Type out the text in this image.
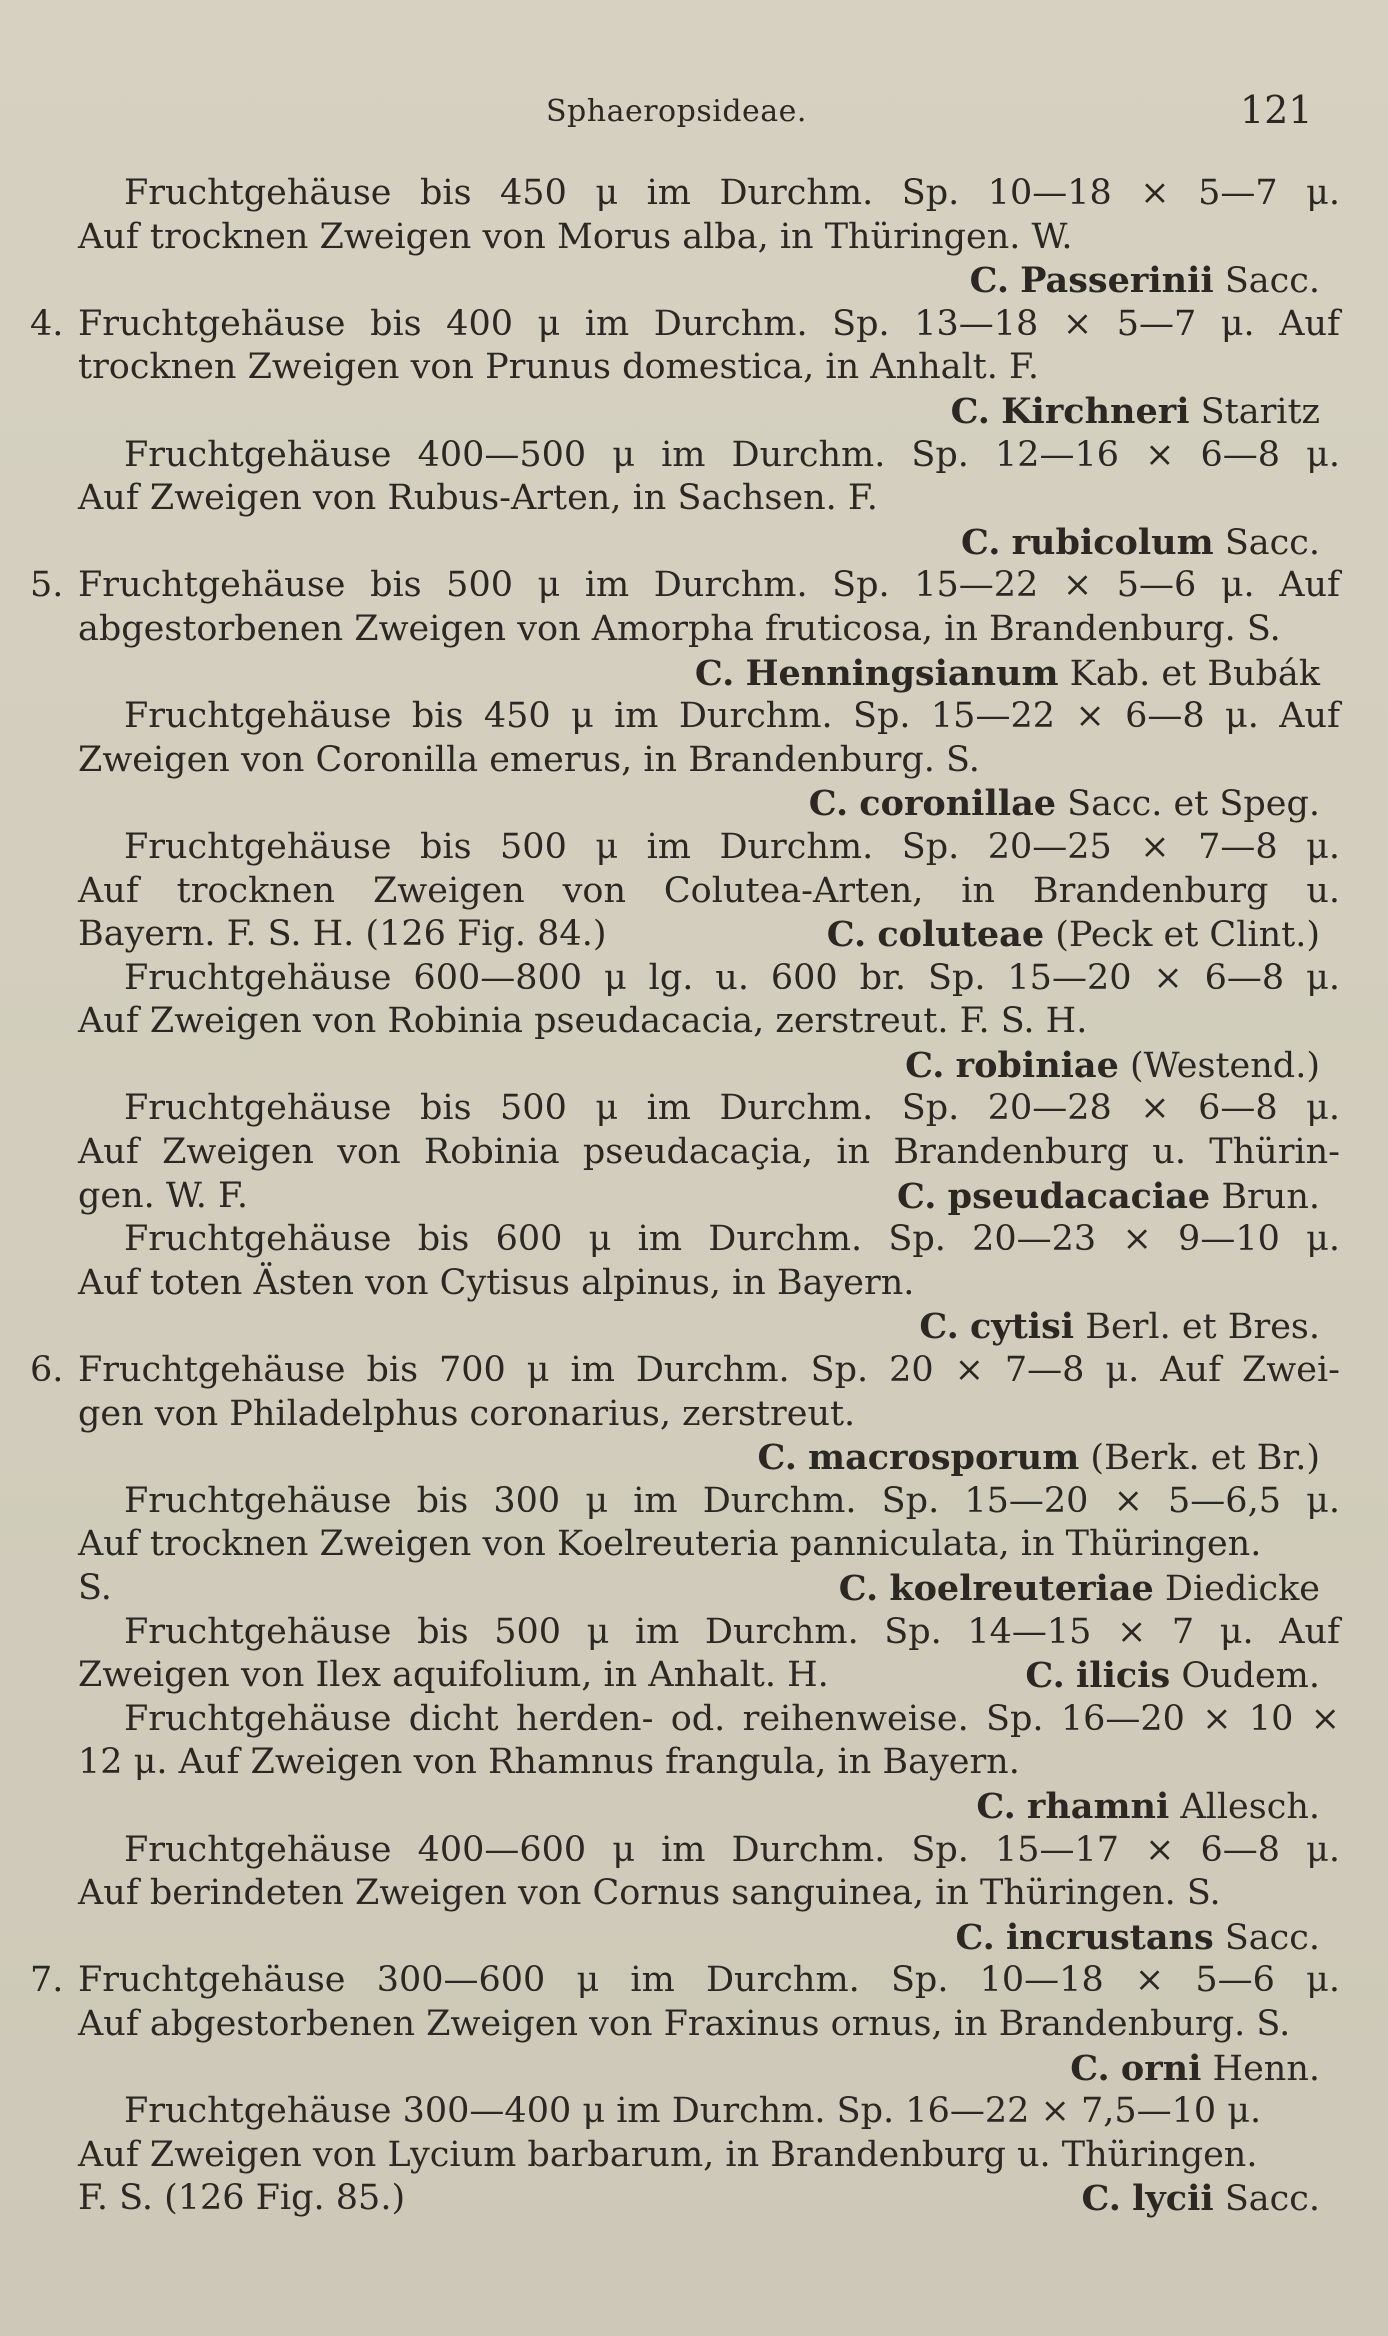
Sphaeropsideae.	121
Fruchtgehäuse bis 450 μ im Durchm. Sp. 10—18 × 5—7 μ.
Auf trocknen Zweigen von Morus alba, in Thüringen. W.
C. Passerinii Sacc.
4. Fruchtgehäuse bis 400 μ im Durchm. Sp. 13—18 × 5—7 μ. Auf
trocknen Zweigen von Prunus domestica, in Anhalt. F.
C. Kirchneri Staritz
Fruchtgehäuse 400—500 μ im Durchm. Sp. 12—16 × 6—8 μ.
Auf Zweigen von Rubus-Arten, in Sachsen. F.
C. rubicolum Sacc.
5. Fruchtgehäuse bis 500 μ im Durchm. Sp. 15—22 × 5—6 μ. Auf
abgestorbenen Zweigen von Amorpha fruticosa, in Brandenburg. S.
C. Henningsianum Kab. et Bubák
Fruchtgehäuse bis 450 μ im Durchm. Sp. 15—22 × 6—8 μ. Auf
Zweigen von Coronilla emerus, in Brandenburg. S.
C. coronillae Sacc. et Speg.
Fruchtgehäuse bis 500 μ im Durchm. Sp. 20—25 × 7—8 μ.
Auf trocknen Zweigen von Colutea-Arten, in Brandenburg u.
Bayern. F. S. H. (126 Fig. 84.)	C. coluteae (Peck et Clint.)
Fruchtgehäuse 600—800 μ lg. u. 600 br. Sp. 15—20 × 6—8 μ.
Auf Zweigen von Robinia pseudacacia, zerstreut. F. S. H.
C. robiniae (Westend.)
Fruchtgehäuse bis 500 μ im Durchm. Sp. 20—28 × 6—8 μ.
Auf Zweigen von Robinia pseudacaçia, in Brandenburg u. Thürin-
gen. W. F.	C. pseudacaciae Brun.
Fruchtgehäuse bis 600 μ im Durchm. Sp. 20—23 × 9—10 μ.
Auf toten Ästen von Cytisus alpinus, in Bayern.
C. cytisi Berl. et Bres.
6. Fruchtgehäuse bis 700 μ im Durchm. Sp. 20 × 7—8 μ. Auf Zwei-
gen von Philadelphus coronarius, zerstreut.
C. macrosporum (Berk. et Br.)
Fruchtgehäuse bis 300 μ im Durchm. Sp. 15—20 × 5—6,5 μ.
Auf trocknen Zweigen von Koelreuteria panniculata, in Thüringen.
S.	C. koelreuteriae Diedicke
Fruchtgehäuse bis 500 μ im Durchm. Sp. 14—15 × 7 μ. Auf
Zweigen von Ilex aquifolium, in Anhalt. H.	C. ilicis Oudem.
Fruchtgehäuse dicht herden- od. reihenweise. Sp. 16—20 × 10 ×
12 μ. Auf Zweigen von Rhamnus frangula, in Bayern.
C. rhamni Allesch.
Fruchtgehäuse 400—600 μ im Durchm. Sp. 15—17 × 6—8 μ.
Auf berindeten Zweigen von Cornus sanguinea, in Thüringen. S.
C. incrustans Sacc.
7. Fruchtgehäuse 300—600 μ im Durchm. Sp. 10—18 × 5—6 μ.
Auf abgestorbenen Zweigen von Fraxinus ornus, in Brandenburg. S.
C. orni Henn.
Fruchtgehäuse 300—400 μ im Durchm. Sp. 16—22 × 7,5—10 μ.
Auf Zweigen von Lycium barbarum, in Brandenburg u. Thüringen.
F. S. (126 Fig. 85.)	C. lycii Sacc.
